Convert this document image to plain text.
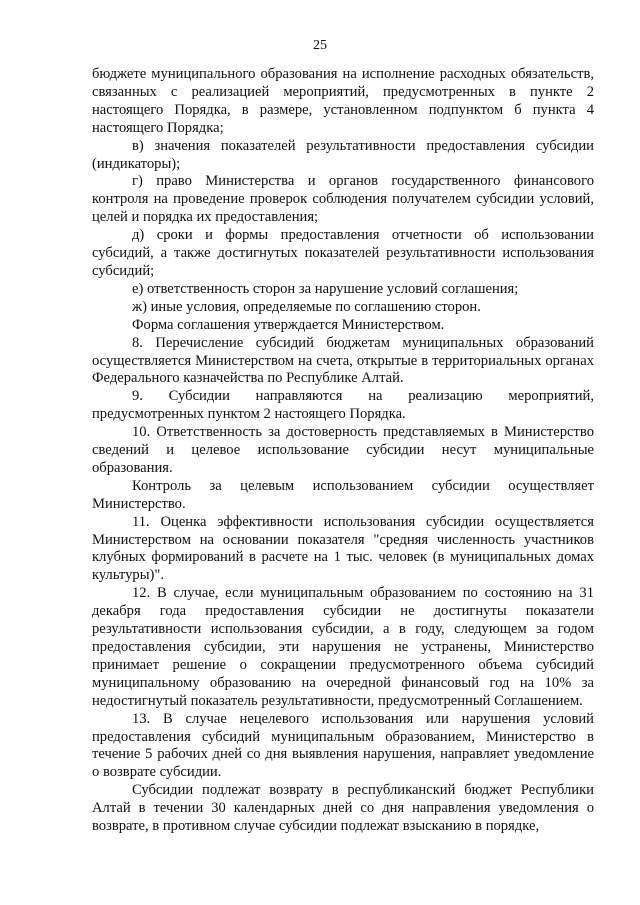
25

бюджете муниципального образования на исполнение расходных обязательств, связанных с реализацией мероприятий, предусмотренных в пункте 2 настоящего Порядка, в размере, установленном подпунктом б пункта 4 настоящего Порядка;

в) значения показателей результативности предоставления субсидии (индикаторы);

г) право Министерства и органов государственного финансового контроля на проведение проверок соблюдения получателем субсидии условий, целей и порядка их предоставления;

д) сроки и формы предоставления отчетности об использовании субсидий, а также достигнутых показателей результативности использования субсидий;

е) ответственность сторон за нарушение условий соглашения;

ж) иные условия, определяемые по соглашению сторон.

Форма соглашения утверждается Министерством.

8. Перечисление субсидий бюджетам муниципальных образований осуществляется Министерством на счета, открытые в территориальных органах Федерального казначейства по Республике Алтай.

9. Субсидии направляются на реализацию мероприятий, предусмотренных пунктом 2 настоящего Порядка.

10. Ответственность за достоверность представляемых в Министерство сведений и целевое использование субсидии несут муниципальные образования.

Контроль за целевым использованием субсидии осуществляет Министерство.

11. Оценка эффективности использования субсидии осуществляется Министерством на основании показателя "средняя численность участников клубных формирований в расчете на 1 тыс. человек (в муниципальных домах культуры)".

12. В случае, если муниципальным образованием по состоянию на 31 декабря года предоставления субсидии не достигнуты показатели результативности использования субсидии, а в году, следующем за годом предоставления субсидии, эти нарушения не устранены, Министерство принимает решение о сокращении предусмотренного объема субсидий муниципальному образованию на очередной финансовый год на 10% за недостигнутый показатель результативности, предусмотренный Соглашением.

13. В случае нецелевого использования или нарушения условий предоставления субсидий муниципальным образованием, Министерство в течение 5 рабочих дней со дня выявления нарушения, направляет уведомление о возврате субсидии.

Субсидии подлежат возврату в республиканский бюджет Республики Алтай в течении 30 календарных дней со дня направления уведомления о возврате, в противном случае субсидии подлежат взысканию в порядке,
